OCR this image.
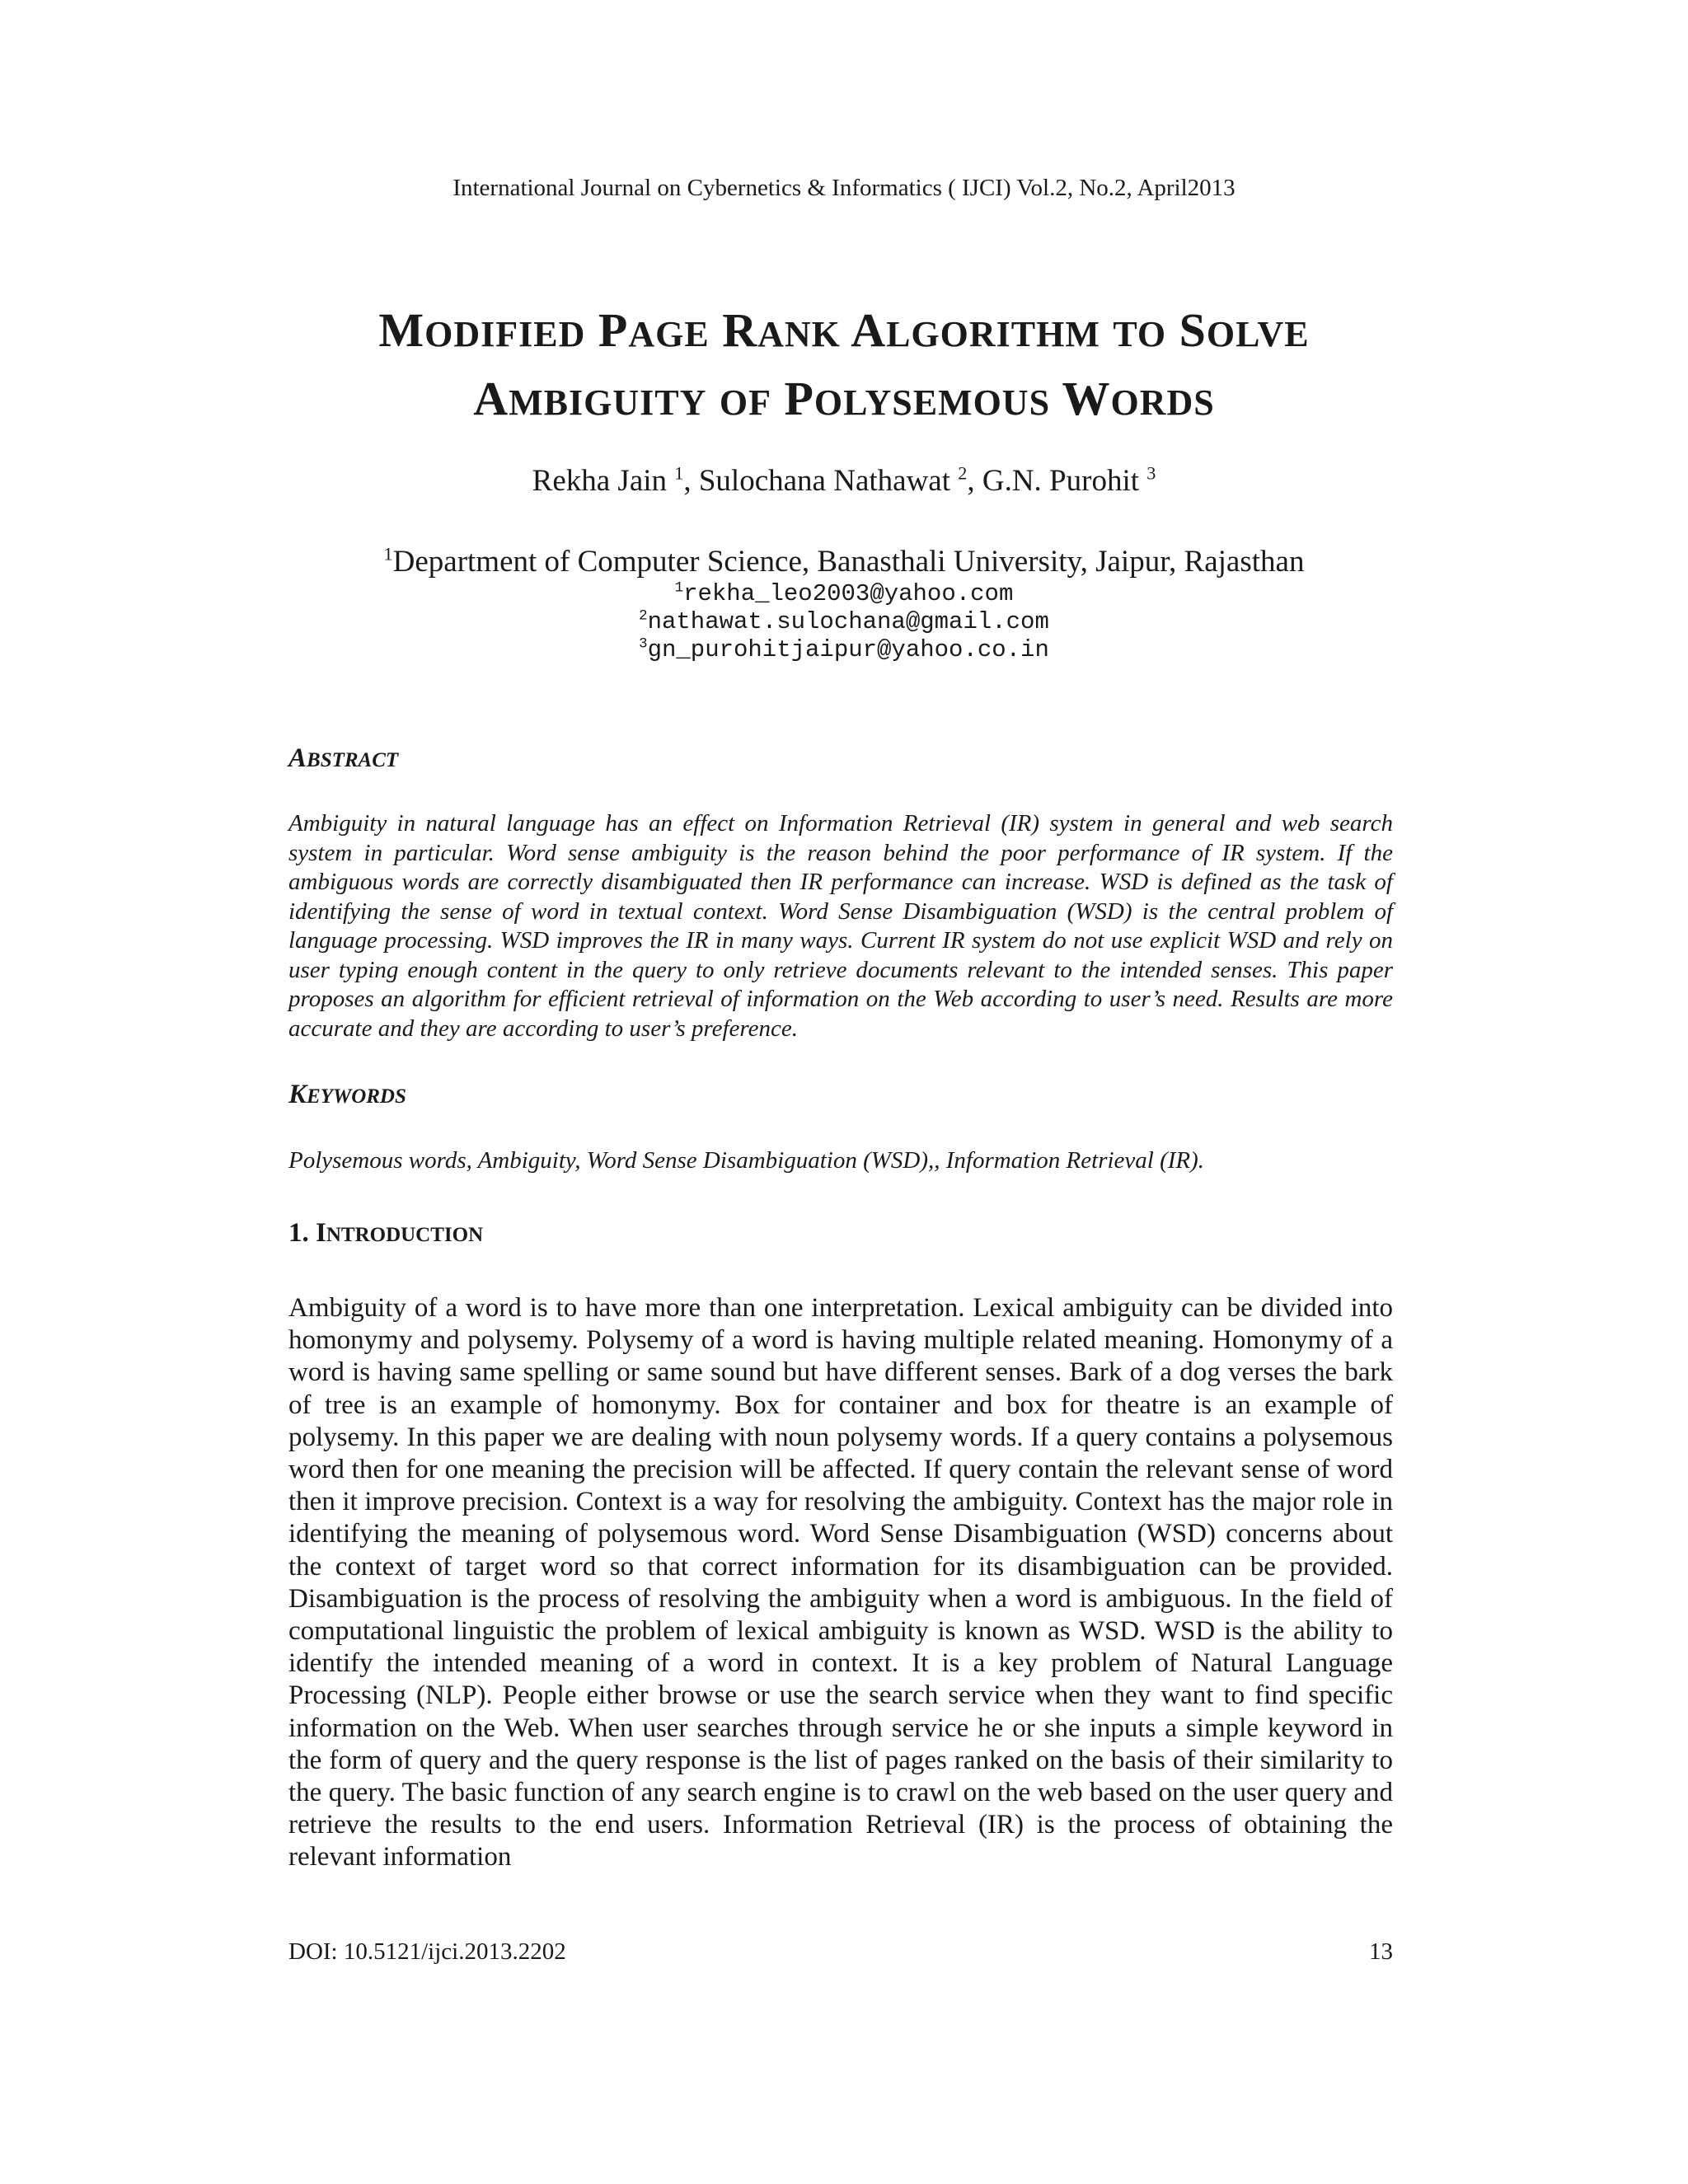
International Journal on Cybernetics & Informatics ( IJCI) Vol.2, No.2, April2013
MODIFIED PAGE RANK ALGORITHM TO SOLVE
AMBIGUITY OF POLYSEMOUS WORDS
Rekha Jain $^1$, Sulochana Nathawat $^2$, G.N. Purohit $^3$
$^1$Department of Computer Science, Banasthali University, Jaipur, Rajasthan
$^1$rekha_leo2003@yahoo.com
$^2$nathawat.sulochana@gmail.com
$^3$gn_purohitjaipur@yahoo.co.in
ABSTRACT

Ambiguity in natural language has an effect on Information Retrieval (IR) system in general and web search system in particular. Word sense ambiguity is the reason behind the poor performance of IR system. If the ambiguous words are correctly disambiguated then IR performance can increase. WSD is defined as the task of identifying the sense of word in textual context. Word Sense Disambiguation (WSD) is the central problem of language processing. WSD improves the IR in many ways. Current IR system do not use explicit WSD and rely on user typing enough content in the query to only retrieve documents relevant to the intended senses. This paper proposes an algorithm for efficient retrieval of information on the Web according to user’s need. Results are more accurate and they are according to user’s preference.

KEYWORDS

Polysemous words, Ambiguity, Word Sense Disambiguation (WSD),, Information Retrieval (IR).

1. INTRODUCTION

Ambiguity of a word is to have more than one interpretation. Lexical ambiguity can be divided into homonymy and polysemy. Polysemy of a word is having multiple related meaning. Homonymy of a word is having same spelling or same sound but have different senses. Bark of a dog verses the bark of tree is an example of homonymy. Box for container and box for theatre is an example of polysemy. In this paper we are dealing with noun polysemy words. If a query contains a polysemous word then for one meaning the precision will be affected. If query contain the relevant sense of word then it improve precision. Context is a way for resolving the ambiguity. Context has the major role in identifying the meaning of polysemous word. Word Sense Disambiguation (WSD) concerns about the context of target word so that correct information for its disambiguation can be provided. Disambiguation is the process of resolving the ambiguity when a word is ambiguous. In the field of computational linguistic the problem of lexical ambiguity is known as WSD. WSD is the ability to identify the intended meaning of a word in context. It is a key problem of Natural Language Processing (NLP). People either browse or use the search service when they want to find specific information on the Web. When user searches through service he or she inputs a simple keyword in the form of query and the query response is the list of pages ranked on the basis of their similarity to the query. The basic function of any search engine is to crawl on the web based on the user query and retrieve the results to the end users. Information Retrieval (IR) is the process of obtaining the relevant information

DOI: 10.5121/ijci.2013.2202	13
